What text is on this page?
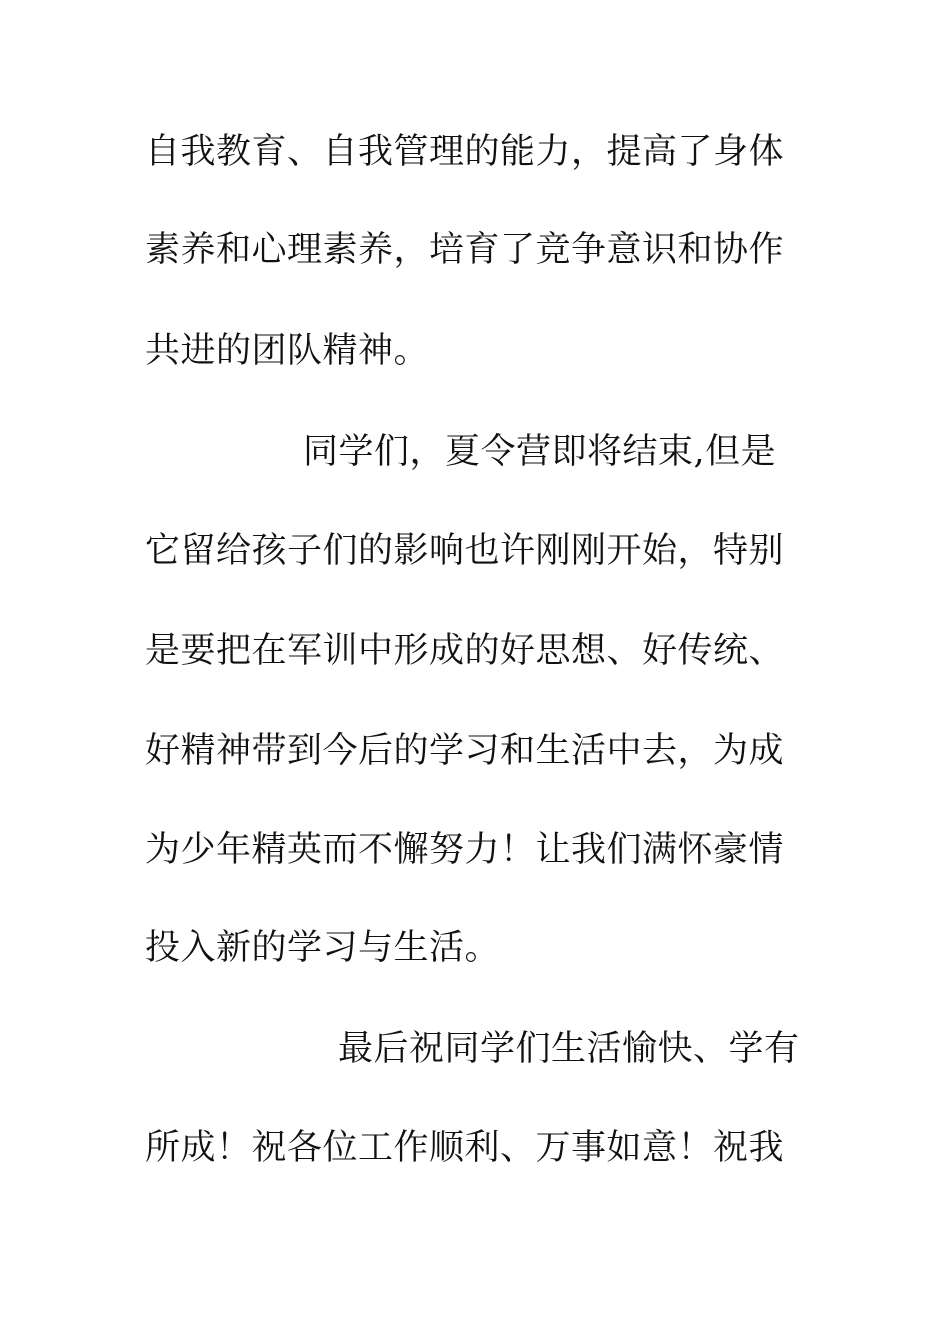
自我教育、自我管理的能力，提高了身体
素养和心理素养，培育了竞争意识和协作
共进的团队精神。
同学们，夏令营即将结束,但是
它留给孩子们的影响也许刚刚开始，特别
是要把在军训中形成的好思想、好传统、
好精神带到今后的学习和生活中去，为成
为少年精英而不懈努力！让我们满怀豪情
投入新的学习与生活。
最后祝同学们生活愉快、学有
所成！祝各位工作顺利、万事如意！祝我
